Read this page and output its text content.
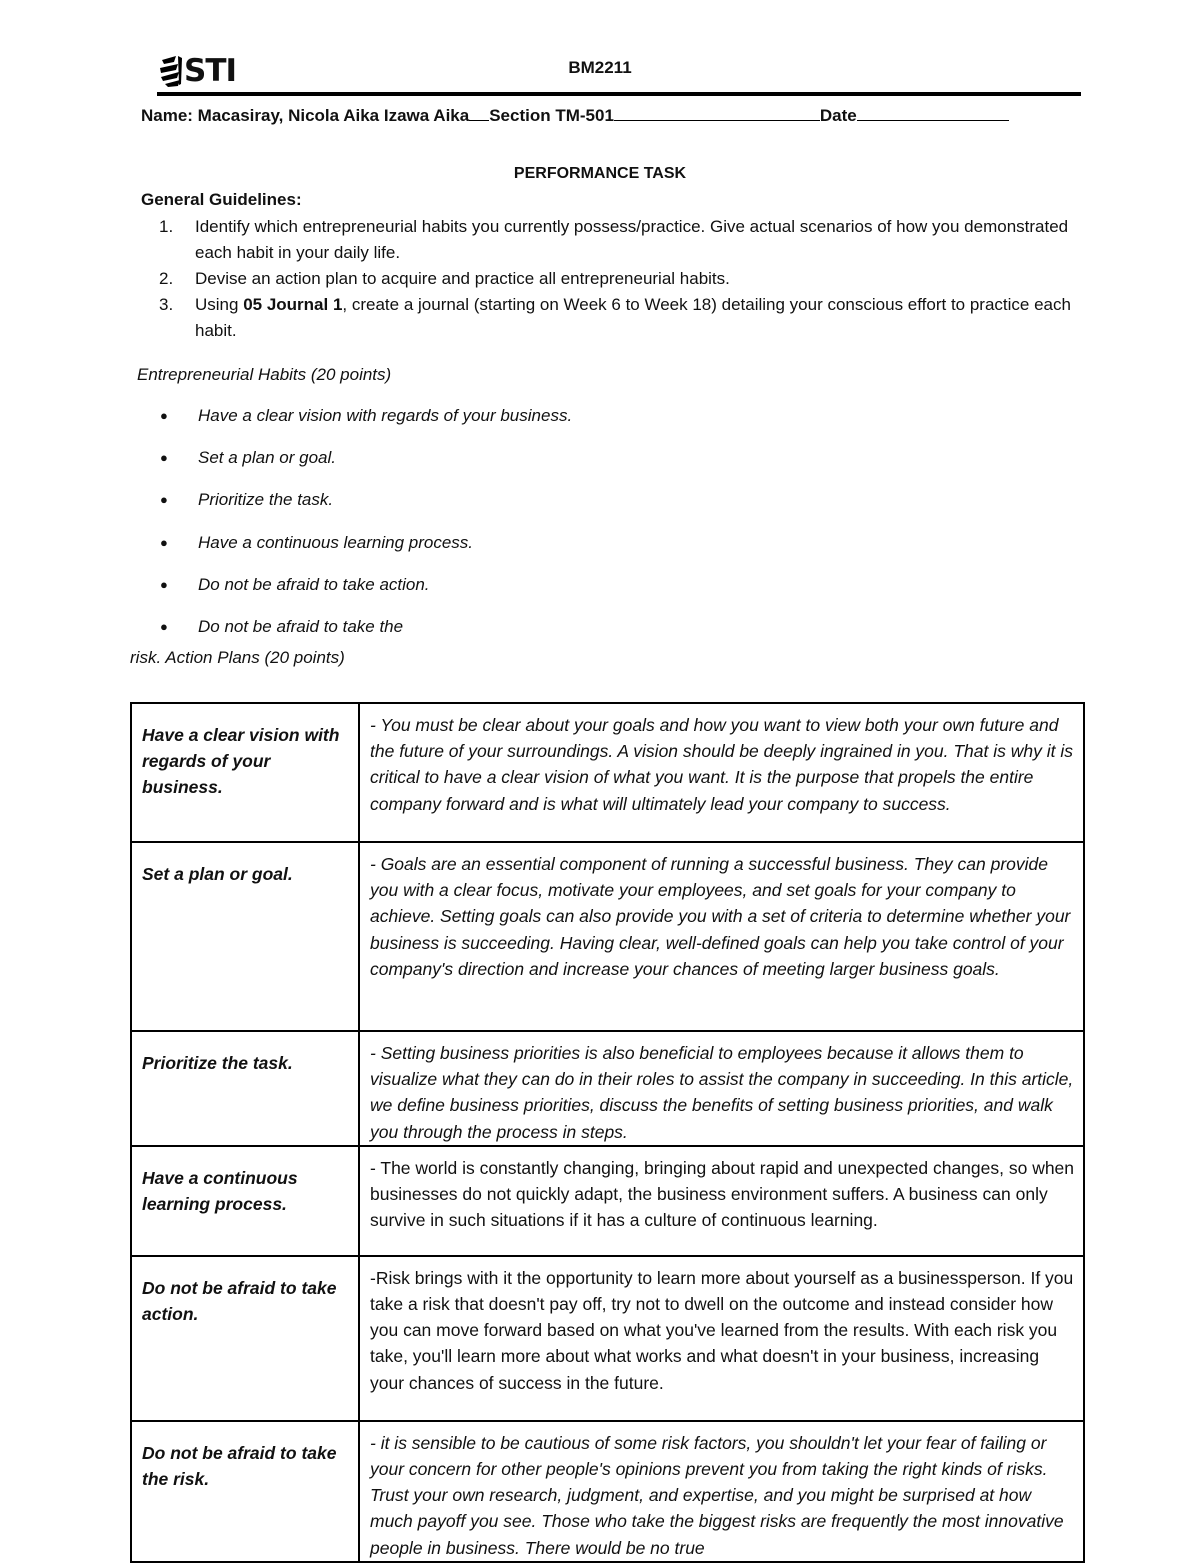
STI	BM2211
Name: Macasiray, Nicola Aika Izawa Aika Section TM-501	Date
PERFORMANCE TASK
General Guidelines:
1. Identify which entrepreneurial habits you currently possess/practice. Give actual scenarios of how you demonstrated each habit in your daily life.
2. Devise an action plan to acquire and practice all entrepreneurial habits.
3. Using 05 Journal 1, create a journal (starting on Week 6 to Week 18) detailing your conscious effort to practice each habit.
Entrepreneurial Habits (20 points)
● Have a clear vision with regards of your business.
● Set a plan or goal.
● Prioritize the task.
● Have a continuous learning process.
● Do not be afraid to take action.
● Do not be afraid to take the
risk. Action Plans (20 points)
Have a clear vision with regards of your business.	- You must be clear about your goals and how you want to view both your own future and the future of your surroundings. A vision should be deeply ingrained in you. That is why it is critical to have a clear vision of what you want. It is the purpose that propels the entire company forward and is what will ultimately lead your company to success.
Set a plan or goal.	- Goals are an essential component of running a successful business. They can provide you with a clear focus, motivate your employees, and set goals for your company to achieve. Setting goals can also provide you with a set of criteria to determine whether your business is succeeding. Having clear, well-defined goals can help you take control of your company's direction and increase your chances of meeting larger business goals.
Prioritize the task.	- Setting business priorities is also beneficial to employees because it allows them to visualize what they can do in their roles to assist the company in succeeding. In this article, we define business priorities, discuss the benefits of setting business priorities, and walk you through the process in steps.
Have a continuous learning process.	- The world is constantly changing, bringing about rapid and unexpected changes, so when businesses do not quickly adapt, the business environment suffers. A business can only survive in such situations if it has a culture of continuous learning.
Do not be afraid to take action.	-Risk brings with it the opportunity to learn more about yourself as a businessperson. If you take a risk that doesn't pay off, try not to dwell on the outcome and instead consider how you can move forward based on what you've learned from the results. With each risk you take, you'll learn more about what works and what doesn't in your business, increasing your chances of success in the future.
Do not be afraid to take the risk.	- it is sensible to be cautious of some risk factors, you shouldn't let your fear of failing or your concern for other people's opinions prevent you from taking the right kinds of risks. Trust your own research, judgment, and expertise, and you might be surprised at how much payoff you see. Those who take the biggest risks are frequently the most innovative people in business. There would be no true
